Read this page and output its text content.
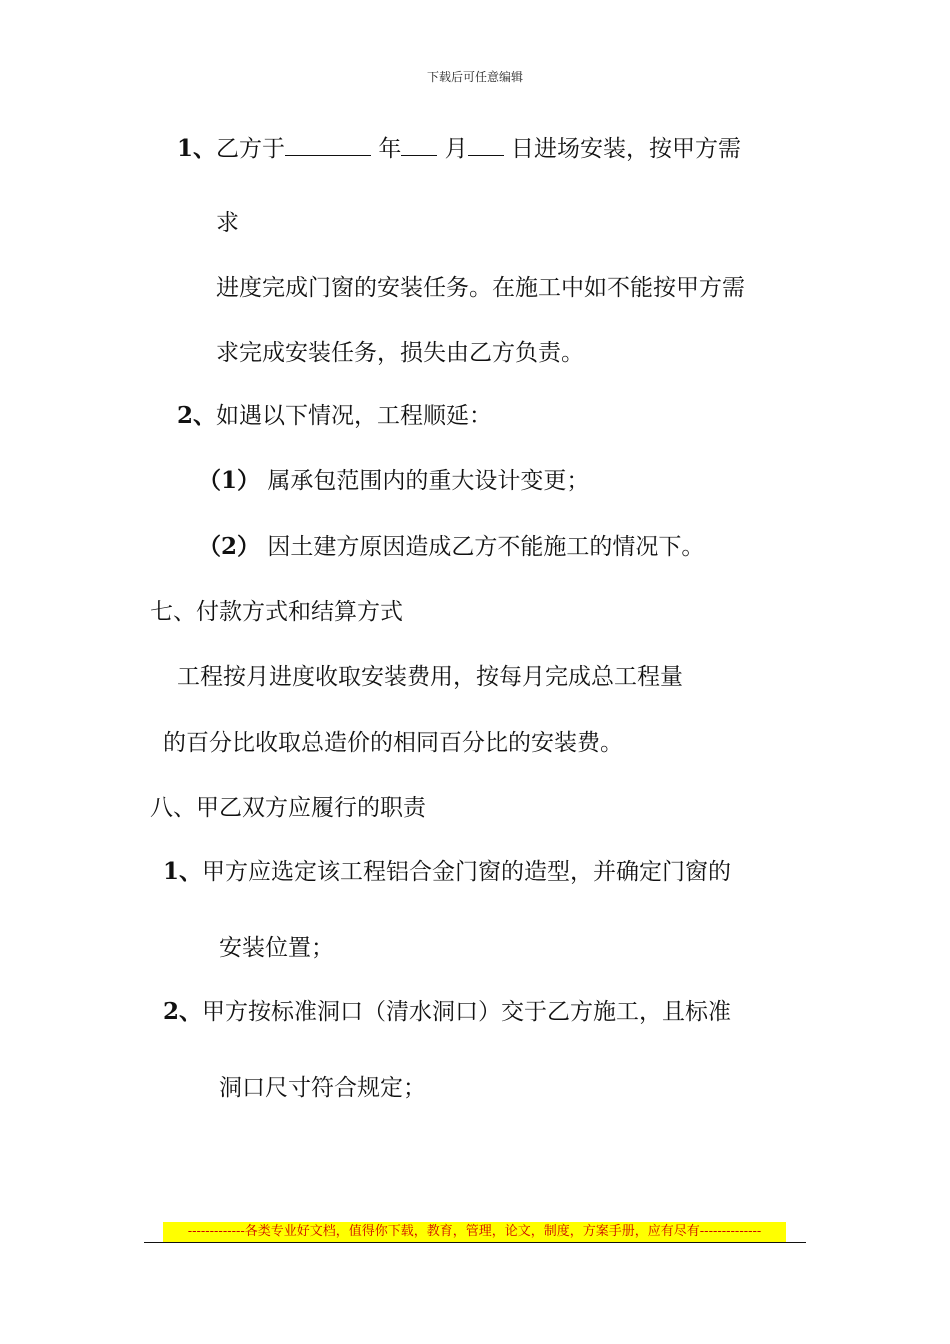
下载后可任意编辑
1、乙方于	年 月 日进场安装，按甲方需
求
进度完成门窗的安装任务。在施工中如不能按甲方需
求完成安装任务，损失由乙方负责。
2、如遇以下情况，工程顺延：
（1） 属承包范围内的重大设计变更；
（2） 因土建方原因造成乙方不能施工的情况下。
七、付款方式和结算方式
工程按月进度收取安装费用，按每月完成总工程量
的百分比收取总造价的相同百分比的安装费。
八、甲乙双方应履行的职责
1、甲方应选定该工程铝合金门窗的造型，并确定门窗的
安装位置；
2、甲方按标准洞口（清水洞口）交于乙方施工，且标准
洞口尺寸符合规定；
-------------各类专业好文档，值得你下载，教育，管理，论文，制度，方案手册，应有尽有--------------
